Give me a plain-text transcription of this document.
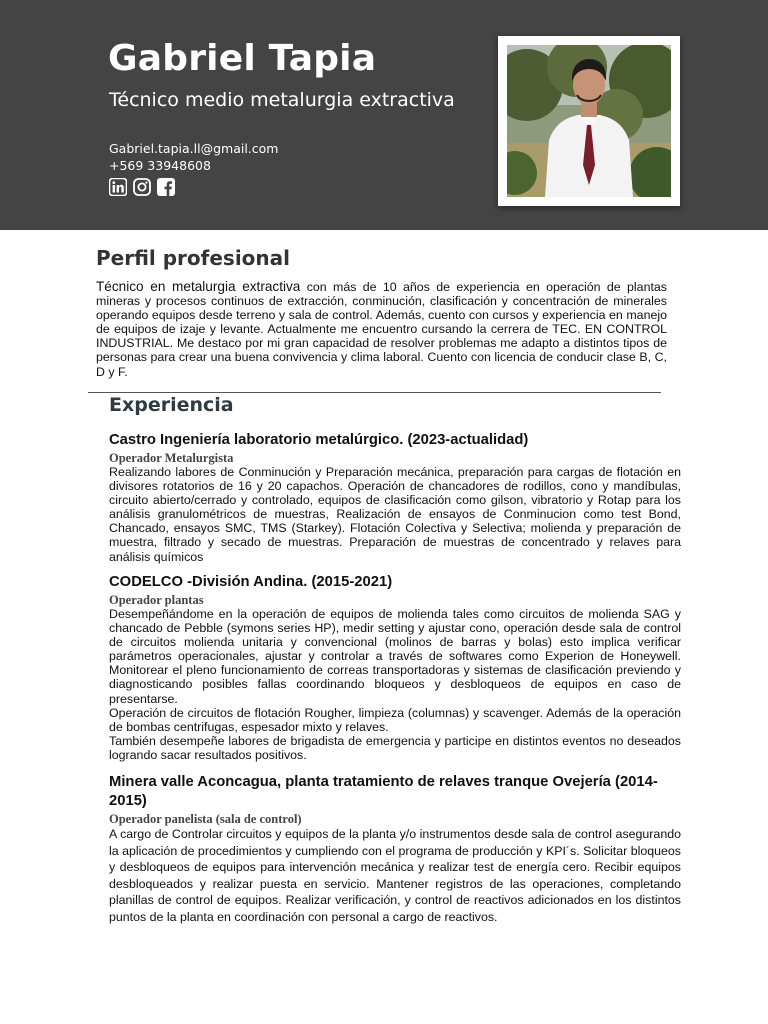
Gabriel Tapia
Técnico medio metalurgia extractiva
Gabriel.tapia.ll@gmail.com
+569 33948608
Perfil profesional

Técnico en metalurgia extractiva con más de 10 años de experiencia en operación de plantas mineras y procesos continuos de extracción, conminución, clasificación y concentración de minerales operando equipos desde terreno y sala de control. Además, cuento con cursos y experiencia en manejo de equipos de izaje y levante. Actualmente me encuentro cursando la cerrera de TEC. EN CONTROL INDUSTRIAL. Me destaco por mi gran capacidad de resolver problemas me adapto a distintos tipos de personas para crear una buena convivencia y clima laboral. Cuento con licencia de conducir clase B, C, D y F.

Experiencia
Castro Ingeniería laboratorio metalúrgico. (2023-actualidad)
Operador Metalurgista

Realizando labores de Conminución y Preparación mecánica, preparación para cargas de flotación en divisores rotatorios de 16 y 20 capachos. Operación de chancadores de rodillos, cono y mandíbulas, circuito abierto/cerrado y controlado, equipos de clasificación como gilson, vibratorio y Rotap para los análisis granulométricos de muestras, Realización de ensayos de Conminucion como test Bond, Chancado, ensayos SMC, TMS (Starkey). Flotación Colectiva y Selectiva; molienda y preparación de muestra, filtrado y secado de muestras. Preparación de muestras de concentrado y relaves para análisis químicos

CODELCO -División Andina. (2015-2021)
Operador plantas

Desempeñándome en la operación de equipos de molienda tales como circuitos de molienda SAG y chancado de Pebble (symons series HP), medir setting y ajustar cono, operación desde sala de control de circuitos molienda unitaria y convencional (molinos de barras y bolas) esto implica verificar parámetros operacionales, ajustar y controlar a través de softwares como Experion de Honeywell. Monitorear el pleno funcionamiento de correas transportadoras y sistemas de clasificación previendo y diagnosticando posibles fallas coordinando bloqueos y desbloqueos de equipos en caso de presentarse.

Operación de circuitos de flotación Rougher, limpieza (columnas) y scavenger. Además de la operación de bombas centrifugas, espesador mixto y relaves.

También desempeñe labores de brigadista de emergencia y participe en distintos eventos no deseados logrando sacar resultados positivos.

Minera valle Aconcagua, planta tratamiento de relaves tranque Ovejería (2014-2015)
Operador panelista (sala de control)

A cargo de Controlar circuitos y equipos de la planta y/o instrumentos desde sala de control asegurando la aplicación de procedimientos y cumpliendo con el programa de producción y KPI´s. Solicitar bloqueos y desbloqueos de equipos para intervención mecánica y realizar test de energía cero. Recibir equipos desbloqueados y realizar puesta en servicio. Mantener registros de las operaciones, completando planillas de control de equipos. Realizar verificación, y control de reactivos adicionados en los distintos puntos de la planta en coordinación con personal a cargo de reactivos.
